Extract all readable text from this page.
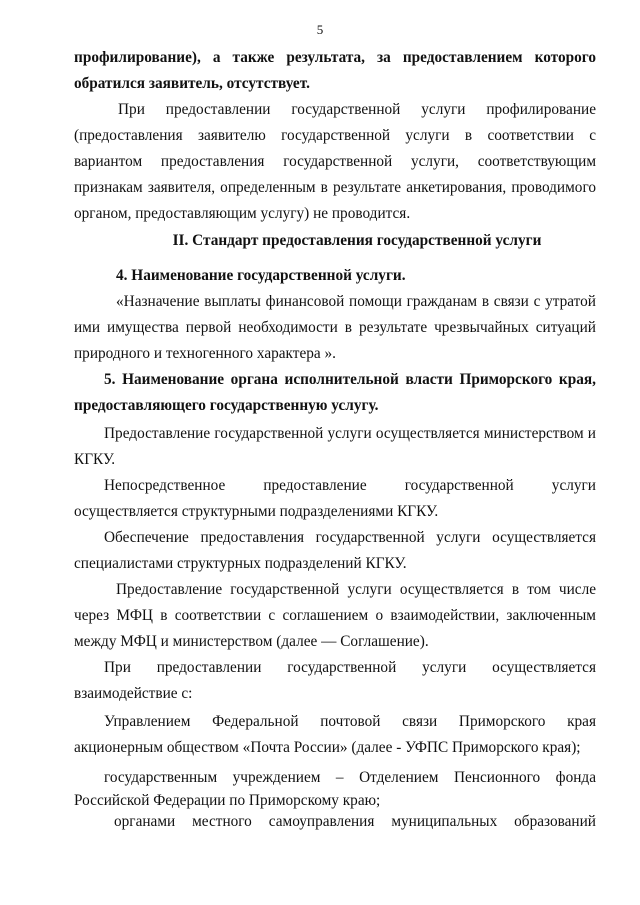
5
профилирование), а также результата, за предоставлением которого
обратился заявитель, отсутствует.
При предоставлении государственной услуги профилирование
(предоставления заявителю государственной услуги в соответствии с
вариантом предоставления государственной услуги, соответствующим
признакам заявителя, определенным в результате анкетирования, проводимого
органом, предоставляющим услугу) не проводится.
II. Стандарт предоставления государственной услуги
4. Наименование государственной услуги.
«Назначение выплаты финансовой помощи гражданам в связи с утратой
ими имущества первой необходимости в результате чрезвычайных ситуаций
природного и техногенного характера ».
5. Наименование органа исполнительной власти Приморского края,
предоставляющего государственную услугу.
Предоставление государственной услуги осуществляется министерством и
КГКУ.
Непосредственное предоставление государственной услуги
осуществляется структурными подразделениями КГКУ.
Обеспечение предоставления государственной услуги осуществляется
специалистами структурных подразделений КГКУ.
Предоставление государственной услуги осуществляется в том числе
через МФЦ в соответствии с соглашением о взаимодействии, заключенным
между МФЦ и министерством (далее — Соглашение).
При предоставлении государственной услуги осуществляется
взаимодействие с:
Управлением Федеральной почтовой связи Приморского края
акционерным обществом «Почта России» (далее - УФПС Приморского края);
государственным учреждением – Отделением Пенсионного фонда
Российской Федерации по Приморскому краю;
органами местного самоуправления муниципальных образований
